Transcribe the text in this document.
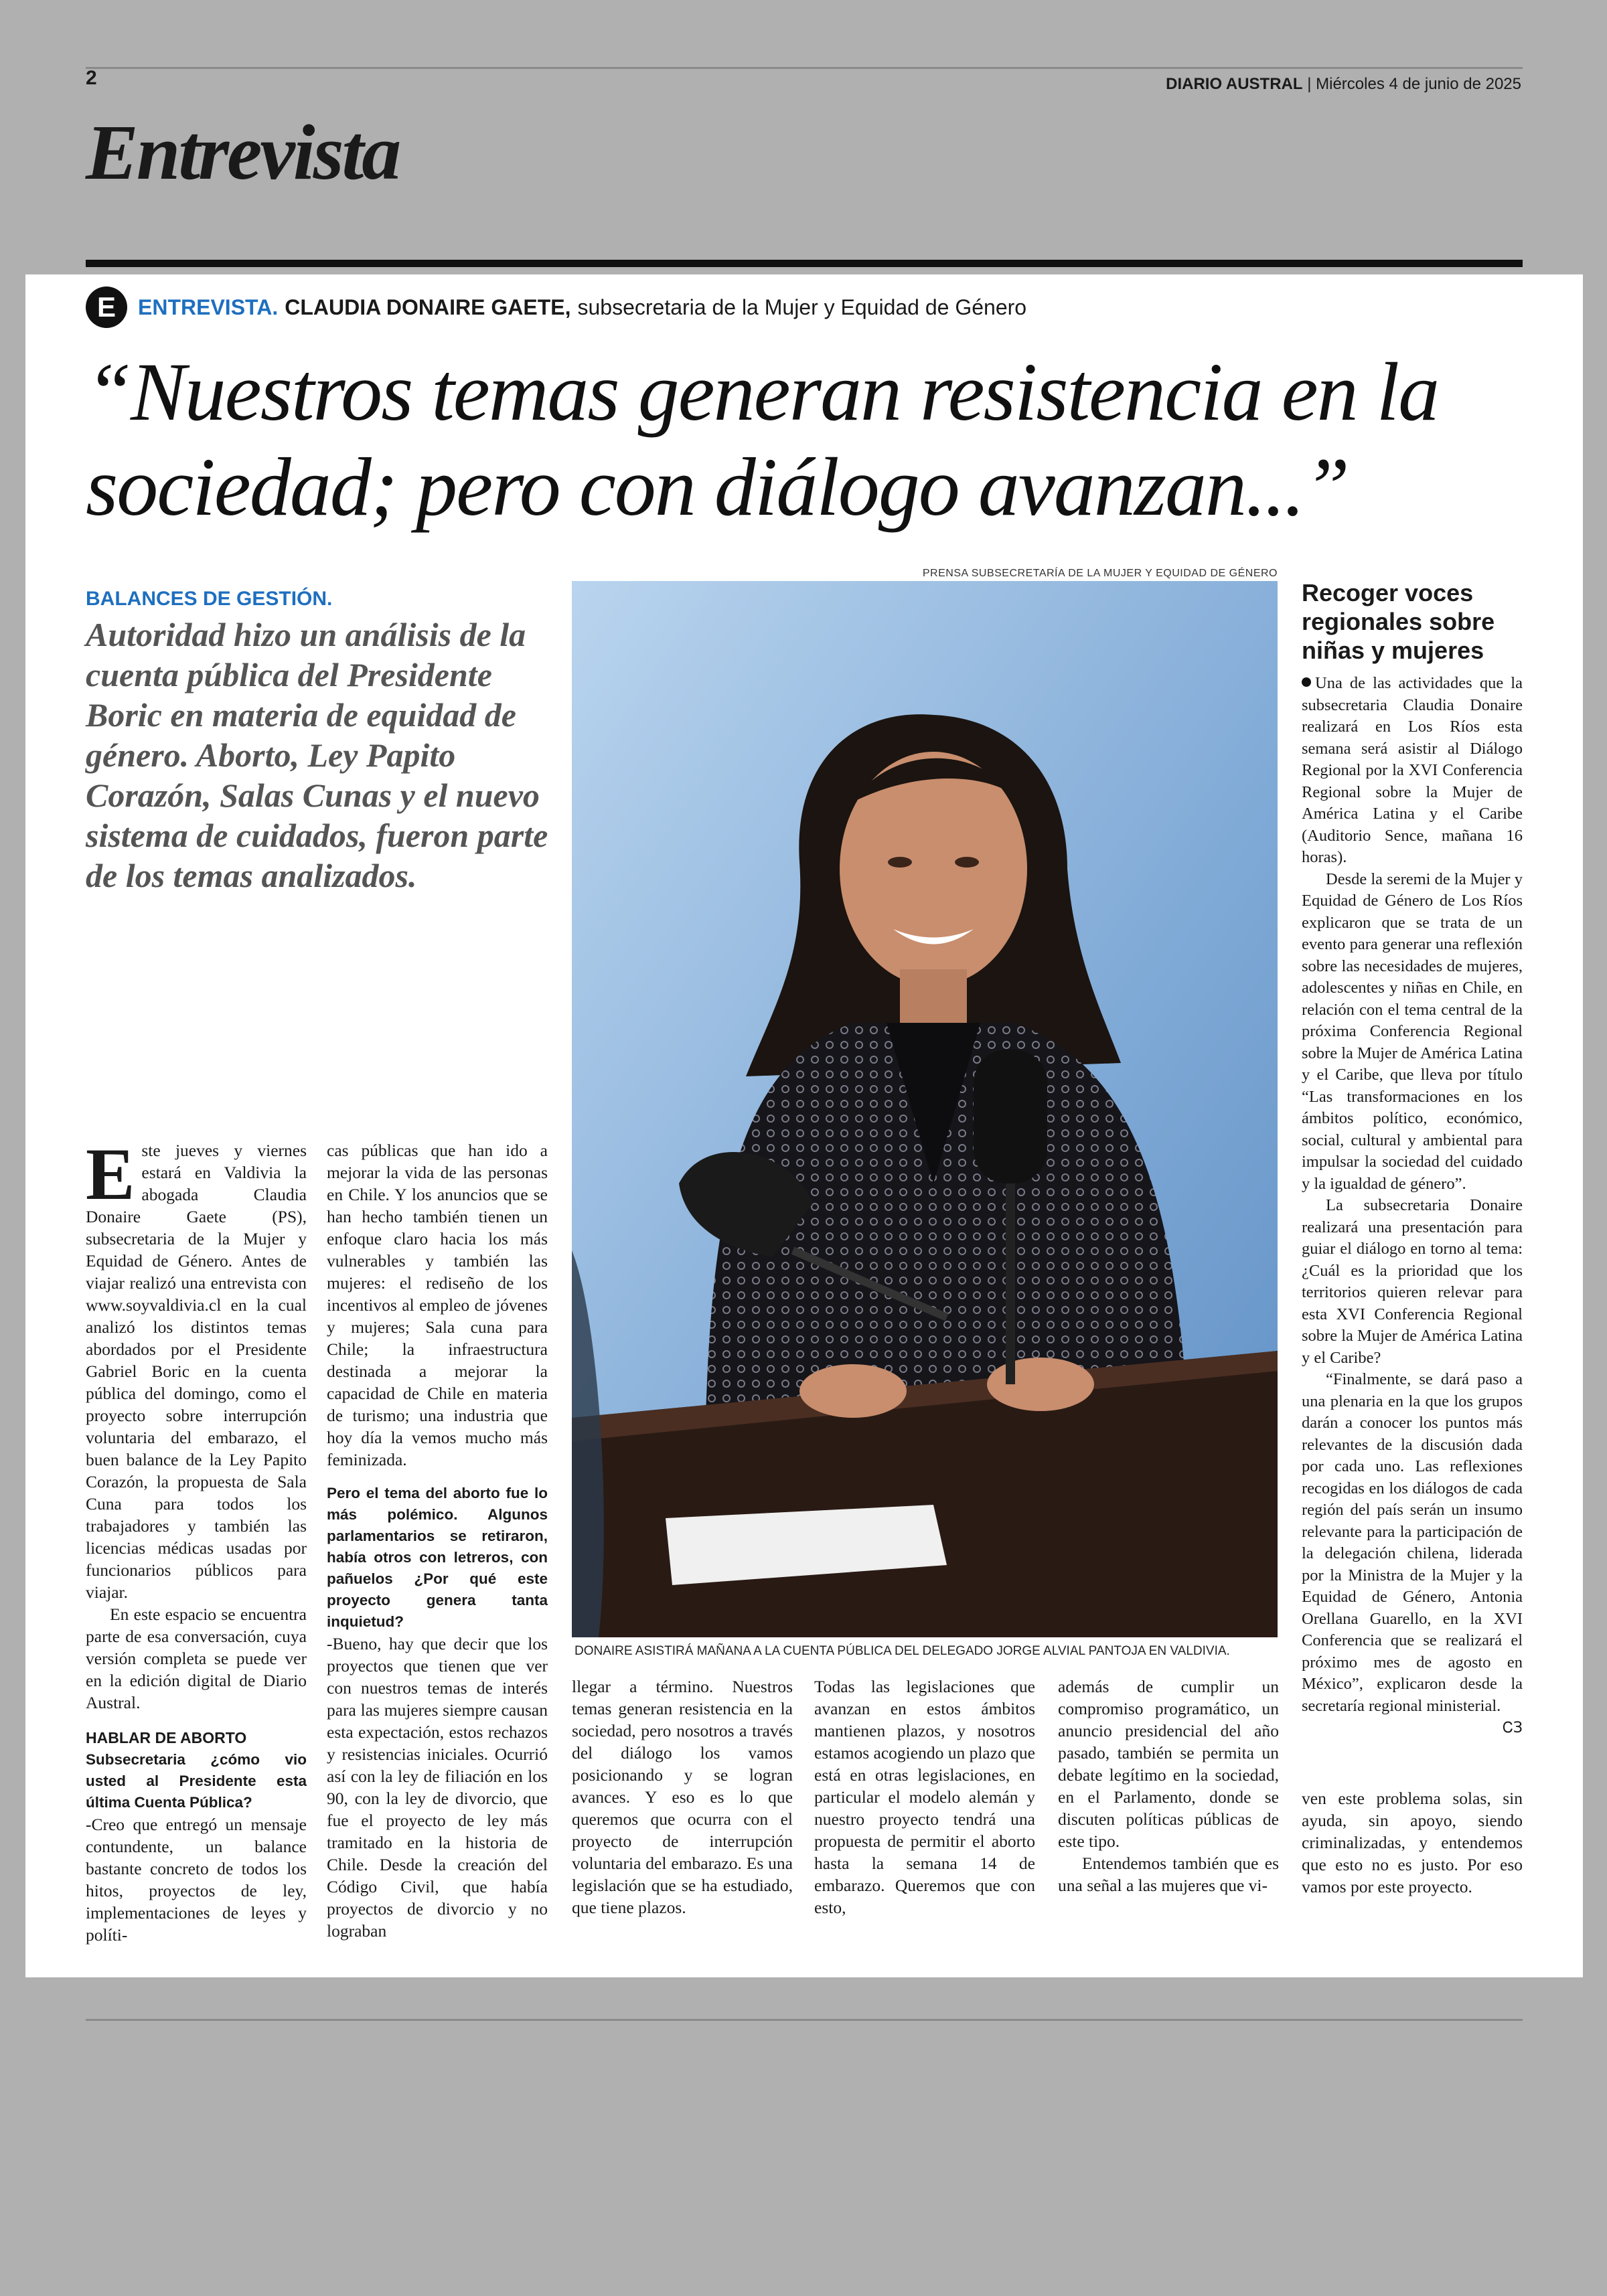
2	DIARIO AUSTRAL | Miércoles 4 de junio de 2025
Entrevista
E	ENTREVISTA. CLAUDIA DONAIRE GAETE, subsecretaria de la Mujer y Equidad de Género
“Nuestros temas generan resistencia en la sociedad; pero con diálogo avanzan...”
BALANCES DE GESTIÓN.
Autoridad hizo un análisis de la cuenta pública del Presidente Boric en materia de equidad de género. Aborto, Ley Papito Corazón, Salas Cunas y el nuevo sistema de cuidados, fueron parte de los temas analizados.
PRENSA SUBSECRETARÍA DE LA MUJER Y EQUIDAD DE GÉNERO
DONAIRE ASISTIRÁ MAÑANA A LA CUENTA PÚBLICA DEL DELEGADO JORGE ALVIAL PANTOJA EN VALDIVIA.

Este jueves y viernes estará en Valdivia la abogada Claudia Donaire Gaete (PS), subsecretaria de la Mujer y Equidad de Género. Antes de viajar realizó una entrevista con www.soyvaldivia.cl en la cual analizó los distintos temas abordados por el Presidente Gabriel Boric en la cuenta pública del domingo, como el proyecto sobre interrupción voluntaria del embarazo, el buen balance de la Ley Papito Corazón, la propuesta de Sala Cuna para todos los trabajadores y también las licencias médicas usadas por funcionarios públicos para viajar.

En este espacio se encuentra parte de esa conversación, cuya versión completa se puede ver en la edición digital de Diario Austral.

HABLAR DE ABORTO
Subsecretaria ¿cómo vio usted al Presidente esta última Cuenta Pública?

-Creo que entregó un mensaje contundente, un balance bastante concreto de todos los hitos, proyectos de ley, implementaciones de leyes y políti-

cas públicas que han ido a mejorar la vida de las personas en Chile. Y los anuncios que se han hecho también tienen un enfoque claro hacia los más vulnerables y también las mujeres: el rediseño de los incentivos al empleo de jóvenes y mujeres; Sala cuna para Chile; la infraestructura destinada a mejorar la capacidad de Chile en materia de turismo; una industria que hoy día la vemos mucho más feminizada.

Pero el tema del aborto fue lo más polémico. Algunos parlamentarios se retiraron, había otros con letreros, con pañuelos ¿Por qué este proyecto genera tanta inquietud?

-Bueno, hay que decir que los proyectos que tienen que ver con nuestros temas de interés para las mujeres siempre causan esta expectación, estos rechazos y resistencias iniciales. Ocurrió así con la ley de filiación en los 90, con la ley de divorcio, que fue el proyecto de ley más tramitado en la historia de Chile. Desde la creación del Código Civil, que había proyectos de divorcio y no lograban

llegar a término. Nuestros temas generan resistencia en la sociedad, pero nosotros a través del diálogo los vamos posicionando y se logran avances. Y eso es lo que queremos que ocurra con el proyecto de interrupción voluntaria del embarazo. Es una legislación que se ha estudiado, que tiene plazos.

Todas las legislaciones que avanzan en estos ámbitos mantienen plazos, y nosotros estamos acogiendo un plazo que está en otras legislaciones, en particular el modelo alemán y nuestro proyecto tendrá una propuesta de permitir el aborto hasta la semana 14 de embarazo. Queremos que con esto,

además de cumplir un compromiso programático, un anuncio presidencial del año pasado, también se permita un debate legítimo en la sociedad, en el Parlamento, donde se discuten políticas públicas de este tipo.

Entendemos también que es una señal a las mujeres que vi-

Recoger voces regionales sobre niñas y mujeres

Una de las actividades que la subsecretaria Claudia Donaire realizará en Los Ríos esta semana será asistir al Diálogo Regional por la XVI Conferencia Regional sobre la Mujer de América Latina y el Caribe (Auditorio Sence, mañana 16 horas).

Desde la seremi de la Mujer y Equidad de Género de Los Ríos explicaron que se trata de un evento para generar una reflexión sobre las necesidades de mujeres, adolescentes y niñas en Chile, en relación con el tema central de la próxima Conferencia Regional sobre la Mujer de América Latina y el Caribe, que lleva por título “Las transformaciones en los ámbitos político, económico, social, cultural y ambiental para impulsar la sociedad del cuidado y la igualdad de género”.

La subsecretaria Donaire realizará una presentación para guiar el diálogo en torno al tema: ¿Cuál es la prioridad que los territorios quieren relevar para esta XVI Conferencia Regional sobre la Mujer de América Latina y el Caribe?

“Finalmente, se dará paso a una plenaria en la que los grupos darán a conocer los puntos más relevantes de la discusión dada por cada uno. Las reflexiones recogidas en los diálogos de cada región del país serán un insumo relevante para la participación de la delegación chilena, liderada por la Ministra de la Mujer y la Equidad de Género, Antonia Orellana Guarello, en la XVI Conferencia que se realizará el próximo mes de agosto en México”, explicaron desde la secretaría regional ministerial.

ᏟЗ

ven este problema solas, sin ayuda, sin apoyo, siendo criminalizadas, y entendemos que esto no es justo. Por eso vamos por este proyecto.
